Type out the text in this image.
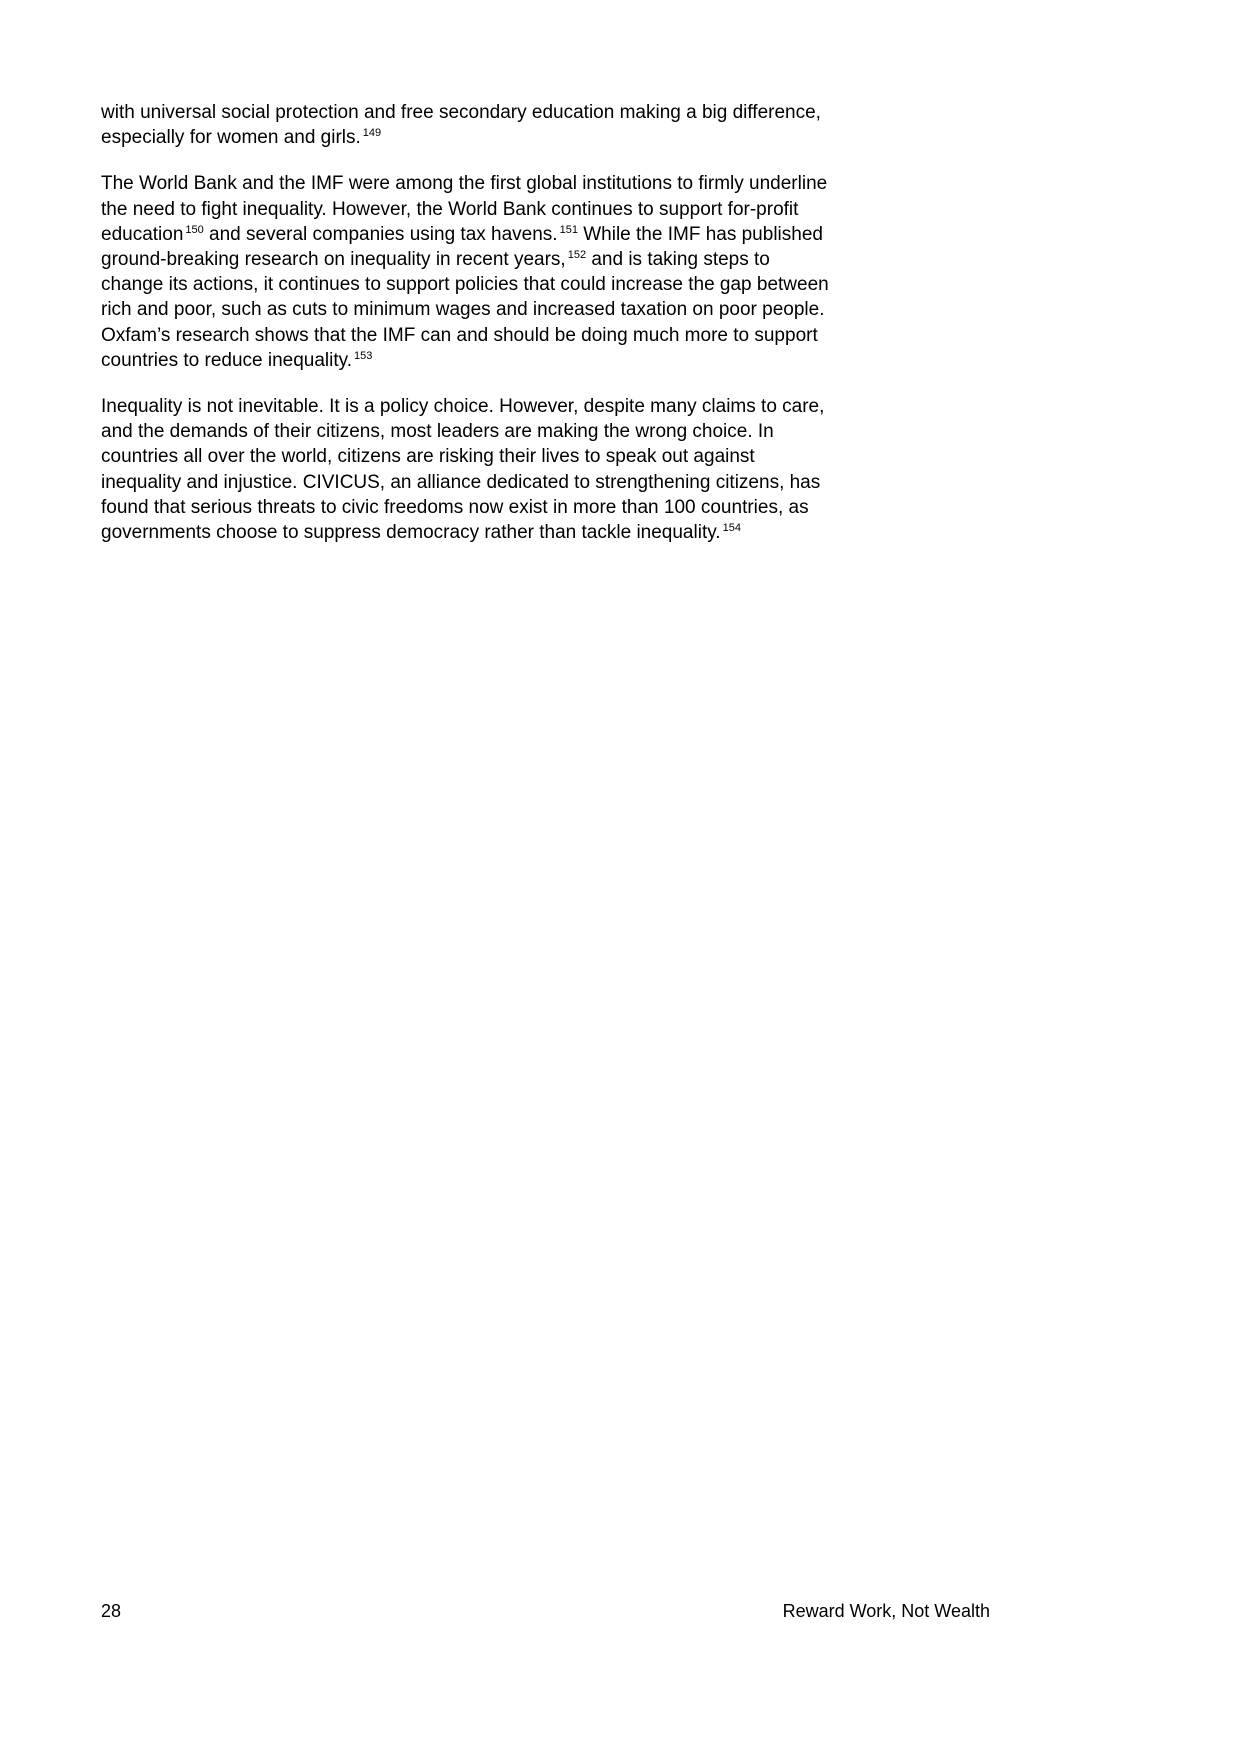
with universal social protection and free secondary education making a big difference,
especially for women and girls. $^{149}$

The World Bank and the IMF were among the first global institutions to firmly underline
the need to fight inequality. However, the World Bank continues to support for-profit
education $^{150}$ and several companies using tax havens. $^{151}$ While the IMF has published
ground-breaking research on inequality in recent years, $^{152}$ and is taking steps to
change its actions, it continues to support policies that could increase the gap between
rich and poor, such as cuts to minimum wages and increased taxation on poor people.
Oxfam’s research shows that the IMF can and should be doing much more to support
countries to reduce inequality. $^{153}$

Inequality is not inevitable. It is a policy choice. However, despite many claims to care,
and the demands of their citizens, most leaders are making the wrong choice. In
countries all over the world, citizens are risking their lives to speak out against
inequality and injustice. CIVICUS, an alliance dedicated to strengthening citizens, has
found that serious threats to civic freedoms now exist in more than 100 countries, as
governments choose to suppress democracy rather than tackle inequality. $^{154}$

28	Reward Work, Not Wealth
